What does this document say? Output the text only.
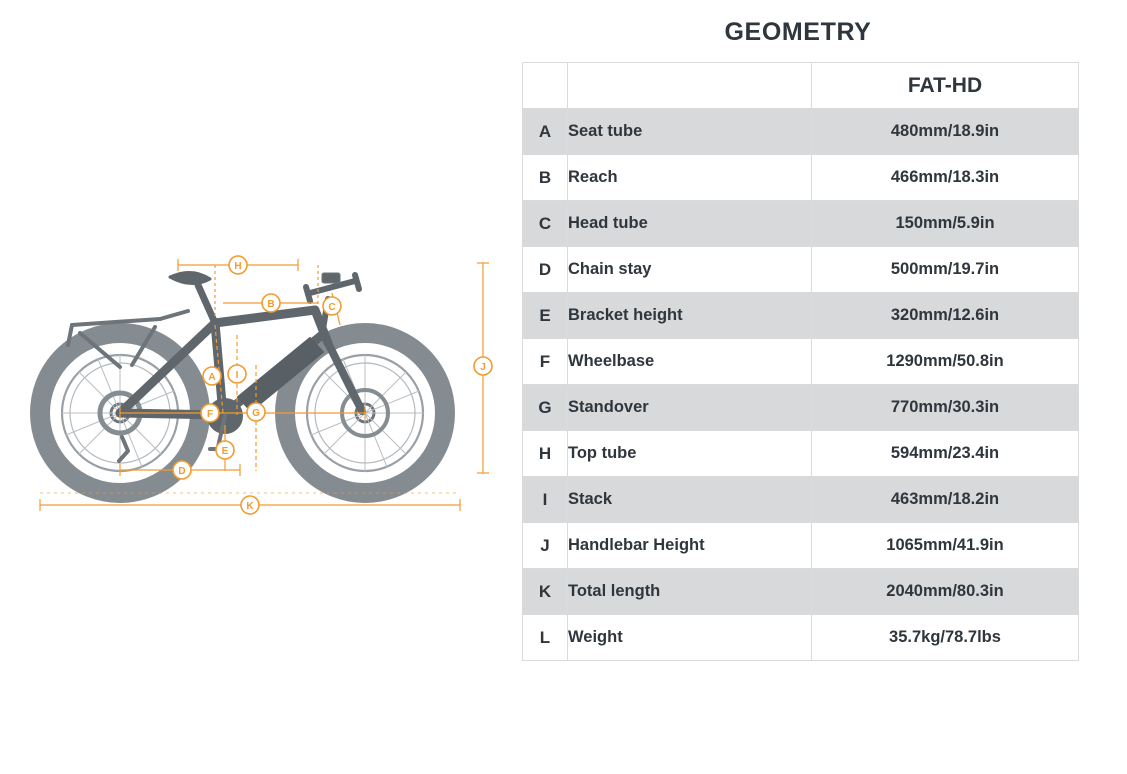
H
B	C
A I
J
F	G
E
D
K
GEOMETRY
		FAT-HD
A	Seat tube	480mm/18.9in
B	Reach	466mm/18.3in
C	Head tube	150mm/5.9in
D	Chain stay	500mm/19.7in
E	Bracket height	320mm/12.6in
F	Wheelbase	1290mm/50.8in
G	Standover	770mm/30.3in
H	Top tube	594mm/23.4in
I	Stack	463mm/18.2in
J	Handlebar Height	1065mm/41.9in
K	Total length	2040mm/80.3in
L	Weight	35.7kg/78.7lbs
